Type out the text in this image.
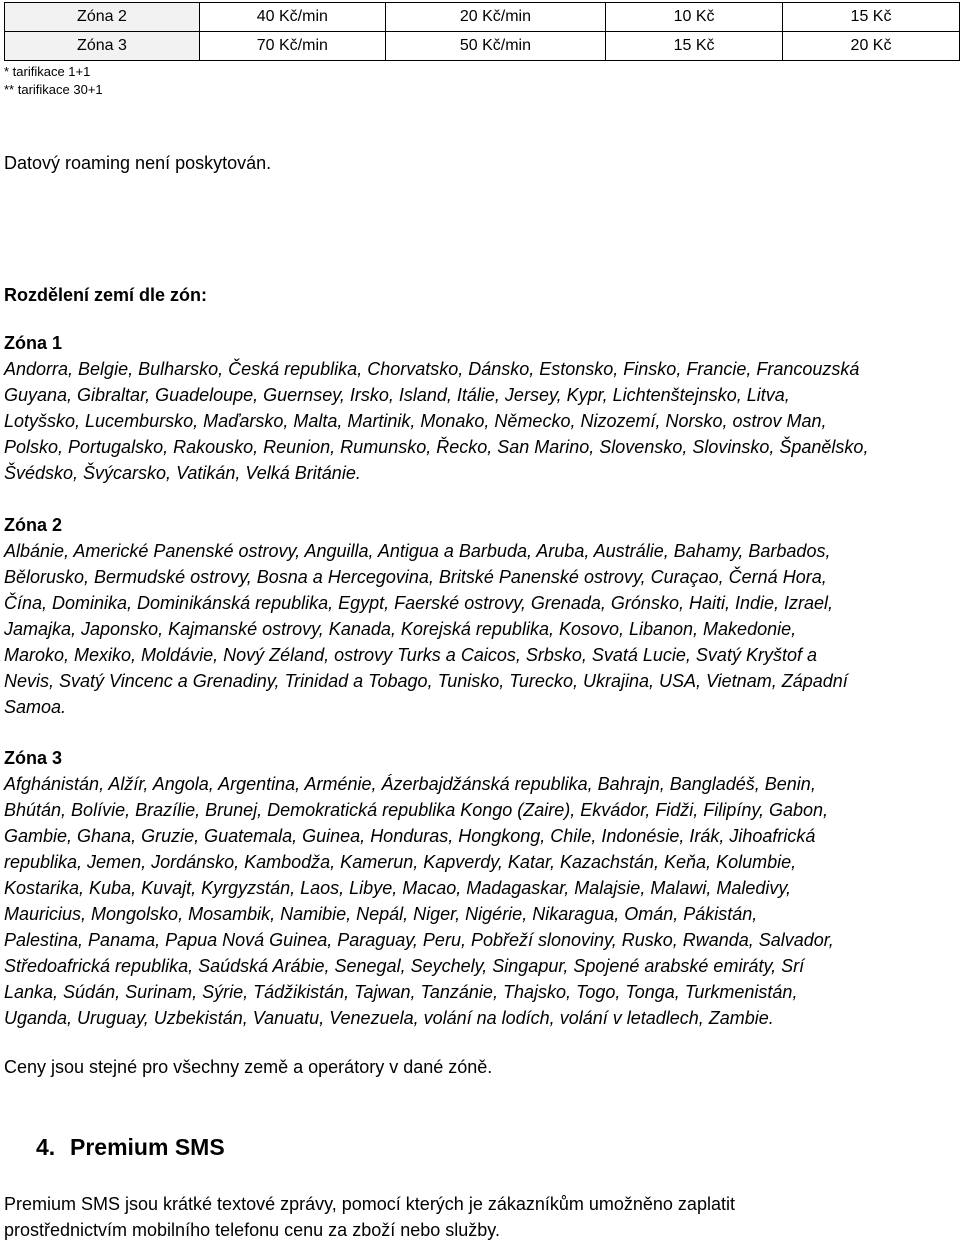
Zóna 2	40 Kč/min	20 Kč/min	10 Kč	15 Kč
Zóna 3	70 Kč/min	50 Kč/min	15 Kč	20 Kč
* tarifikace 1+1
** tarifikace 30+1
Datový roaming není poskytován.
Rozdělení zemí dle zón:
Zóna 1
Andorra, Belgie, Bulharsko, Česká republika, Chorvatsko, Dánsko, Estonsko, Finsko, Francie, Francouzská
Guyana, Gibraltar, Guadeloupe, Guernsey, Irsko, Island, Itálie, Jersey, Kypr, Lichtenštejnsko, Litva,
Lotyšsko, Lucembursko, Maďarsko, Malta, Martinik, Monako, Německo, Nizozemí, Norsko, ostrov Man,
Polsko, Portugalsko, Rakousko, Reunion, Rumunsko, Řecko, San Marino, Slovensko, Slovinsko, Španělsko,
Švédsko, Švýcarsko, Vatikán, Velká Británie.
Zóna 2
Albánie, Americké Panenské ostrovy, Anguilla, Antigua a Barbuda, Aruba, Austrálie, Bahamy, Barbados,
Bělorusko, Bermudské ostrovy, Bosna a Hercegovina, Britské Panenské ostrovy, Curaçao, Černá Hora,
Čína, Dominika, Dominikánská republika, Egypt, Faerské ostrovy, Grenada, Grónsko, Haiti, Indie, Izrael,
Jamajka, Japonsko, Kajmanské ostrovy, Kanada, Korejská republika, Kosovo, Libanon, Makedonie,
Maroko, Mexiko, Moldávie, Nový Zéland, ostrovy Turks a Caicos, Srbsko, Svatá Lucie, Svatý Kryštof a
Nevis, Svatý Vincenc a Grenadiny, Trinidad a Tobago, Tunisko, Turecko, Ukrajina, USA, Vietnam, Západní
Samoa.
Zóna 3
Afghánistán, Alžír, Angola, Argentina, Arménie, Ázerbajdžánská republika, Bahrajn, Bangladéš, Benin,
Bhútán, Bolívie, Brazílie, Brunej, Demokratická republika Kongo (Zaire), Ekvádor, Fidži, Filipíny, Gabon,
Gambie, Ghana, Gruzie, Guatemala, Guinea, Honduras, Hongkong, Chile, Indonésie, Irák, Jihoafrická
republika, Jemen, Jordánsko, Kambodža, Kamerun, Kapverdy, Katar, Kazachstán, Keňa, Kolumbie,
Kostarika, Kuba, Kuvajt, Kyrgyzstán, Laos, Libye, Macao, Madagaskar, Malajsie, Malawi, Maledivy,
Mauricius, Mongolsko, Mosambik, Namibie, Nepál, Niger, Nigérie, Nikaragua, Omán, Pákistán,
Palestina, Panama, Papua Nová Guinea, Paraguay, Peru, Pobřeží slonoviny, Rusko, Rwanda, Salvador,
Středoafrická republika, Saúdská Arábie, Senegal, Seychely, Singapur, Spojené arabské emiráty, Srí
Lanka, Súdán, Surinam, Sýrie, Tádžikistán, Tajwan, Tanzánie, Thajsko, Togo, Tonga, Turkmenistán,
Uganda, Uruguay, Uzbekistán, Vanuatu, Venezuela, volání na lodích, volání v letadlech, Zambie.
Ceny jsou stejné pro všechny země a operátory v dané zóně.
4. Premium SMS
Premium SMS jsou krátké textové zprávy, pomocí kterých je zákazníkům umožněno zaplatit
prostřednictvím mobilního telefonu cenu za zboží nebo služby.
